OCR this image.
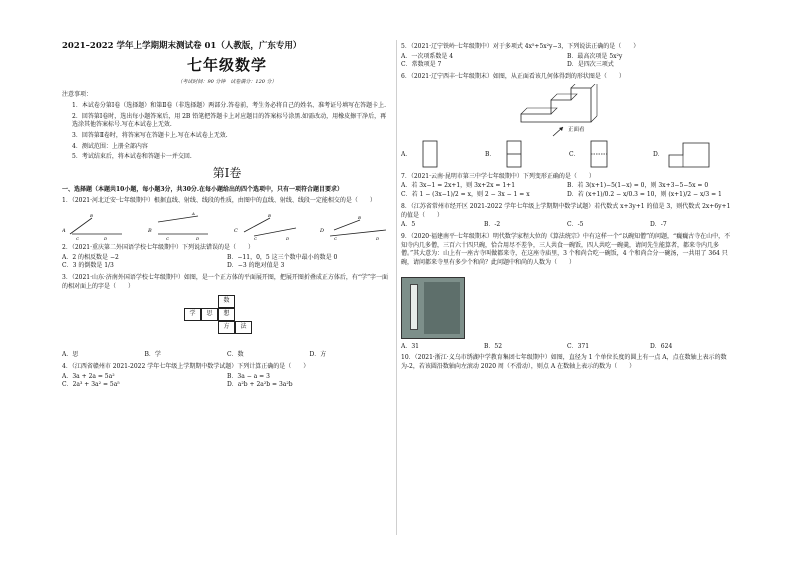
2021–2022 学年上学期期末测试卷 01（人教版，广东专用）
七年级数学
（考试时间：90 分钟　试卷满分：120 分）
注意事项：

1．本试卷分第Ⅰ卷（选择题）和第Ⅱ卷（非选择题）两部分.答卷前，考生务必将自己的姓名、准考证号填写在答题卡上.

2．回答第Ⅰ卷时，选出每小题答案后，用 2B 铅笔把答题卡上对应题目的答案标号涂黑.如需改动，用橡皮擦干净后，再选涂其他答案标号.写在本试卷上无效.

3．回答第Ⅱ卷时，将答案写在答题卡上.写在本试卷上无效.

4．测试范围：上册全部内容

5．考试结束后，将本试卷和答题卡一并交回.

第Ⅰ卷
一、选择题（本题共10小题，每小题3分，共30分.在每小题给出的四个选项中，只有一项符合题目要求）
1．（2021·河北迁安·七年级期中）根据直线、射线、线段的性质，由图中的直线、射线、线段一定能相交的是（　　）
A
B
C	D
B
A
C	D
C
B
C	D
D
B
C	D
2．（2021·重庆第二外国语学校七年级期中）下列说法错误的是（　　）
A．2 的相反数是 −2	B．−11，0，5 这三个数中最小的数是 0
C．3 的倒数是 1/3	D．−3 的绝对值是 3
3．（2021·山东·济南外国语学校七年级期中）如图，是一个正方体的平面展开图，把展开图折叠成正方体后，有“学”字一面的相对面上的字是（　　）
数
学	思	想
方	法
A．思	B．学	C．数	D．方
4．（江西省赣州市 2021-2022 学年七年级上学期期中数学试题）下列计算正确的是（　　）
A．3a + 2a = 5a²	B．3a − a = 3
C．2a³ + 3a² = 5a⁵	D．a²b + 2a²b = 3a²b
5．（2021·辽宁铁岭·七年级期中）对于多项式 4x⁵+5x²y−3，下列说法正确的是（　　）
A．一次项系数是 4	B．最高次项是 5x²y
C．常数项是 7	D．是四次三项式
6．（2021·辽宁西丰·七年级期末）如图，从正面看该几何体得到的形状图是（　　）
正面看
A．	B．	C．	D．
7．（2021·云南·昆明市第三中学七年级期中）下列变形正确的是（　　）
A．若 3x−1 = 2x+1，则 3x+2x = 1+1	B．若 3(x+1)−5(1−x) = 0，则 3x+3−5−5x = 0
C．若 1 − (3x−1)/2 = x，则 2 − 3x − 1 = x	D．若 (x+1)/0.2 − x/0.3 = 10，则 (x+1)/2 − x/3 = 1
8．（江苏省常州市经开区 2021-2022 学年七年级上学期期中数学试题）若代数式 x+3y+1 的值是 3，则代数式 2x+6y+1 的值是（　　）
A．5	B．-2	C．-5	D．-7
9．（2020·福建南平·七年级期末）明代数学家程大位的《算法统宗》中有这样一个“以碗知僧”的问题，“巍巍古寺在山中，不知寺内几多僧，三百六十四只碗，恰合用尽不差争，三人共食一碗饭，四人共吃一碗羹，请问先生能算者，都来寺内几多僧。”其大意为：山上有一座古寺叫做都来寺，在这座寺庙里，3 个和尚合吃一碗饭，4 个和尚合分一碗汤，一共用了 364 只碗，请问都来寺里有多少个和尚？此问题中和尚的人数为（　　）
A．31	B．52	C．371	D．624
10．（2021·浙江·义乌市绣湖中学教育集团七年级期中）如图，直径为 1 个单位长度的圆上有一点 A，点在数轴上表示的数为-2，若该圆沿数轴向左滚动 2020 周（不滑动），则点 A 在数轴上表示的数为（　　）
